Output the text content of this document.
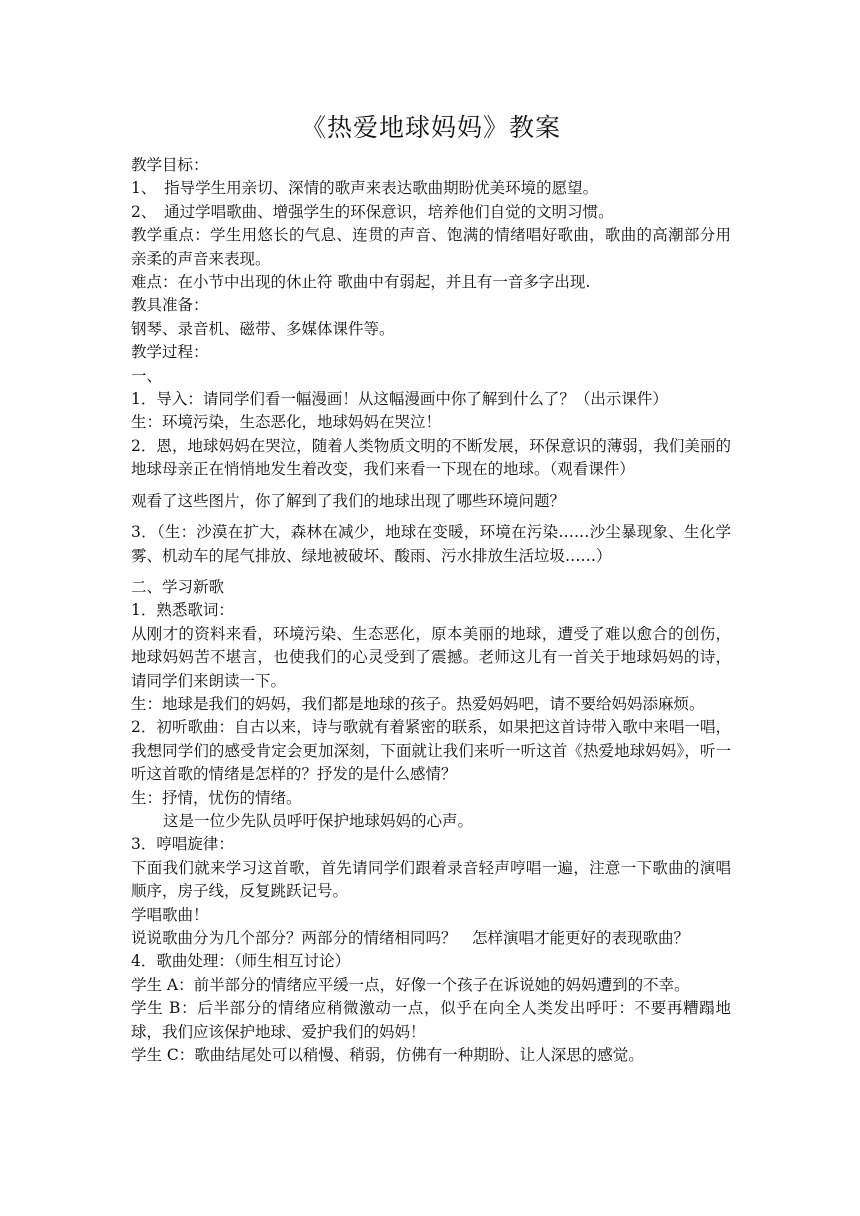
《热爱地球妈妈》教案

教学目标：

1、　指导学生用亲切、深情的歌声来表达歌曲期盼优美环境的愿望。

2、　通过学唱歌曲、增强学生的环保意识，培养他们自觉的文明习惯。

教学重点：学生用悠长的气息、连贯的声音、饱满的情绪唱好歌曲，歌曲的高潮部分用亲柔的声音来表现。

难点：在小节中出现的休止符 歌曲中有弱起，并且有一音多字出现.

教具准备：

钢琴、录音机、磁带、多媒体课件等。

教学过程：

一、

1．导入：请同学们看一幅漫画！从这幅漫画中你了解到什么了？（出示课件）

生：环境污染，生态恶化，地球妈妈在哭泣！

2．恩，地球妈妈在哭泣，随着人类物质文明的不断发展，环保意识的薄弱，我们美丽的地球母亲正在悄悄地发生着改变，我们来看一下现在的地球。（观看课件）

观看了这些图片，你了解到了我们的地球出现了哪些环境问题？

3．（生：沙漠在扩大，森林在减少，地球在变暖，环境在污染……沙尘暴现象、生化学雾、机动车的尾气排放、绿地被破坏、酸雨、污水排放生活垃圾……）

二、学习新歌

1．熟悉歌词：

从刚才的资料来看，环境污染、生态恶化，原本美丽的地球，遭受了难以愈合的创伤，地球妈妈苦不堪言，也使我们的心灵受到了震撼。老师这儿有一首关于地球妈妈的诗，请同学们来朗读一下。

生：地球是我们的妈妈，我们都是地球的孩子。热爱妈妈吧，请不要给妈妈添麻烦。

2．初听歌曲：自古以来，诗与歌就有着紧密的联系，如果把这首诗带入歌中来唱一唱，我想同学们的感受肯定会更加深刻，下面就让我们来听一听这首《热爱地球妈妈》，听一听这首歌的情绪是怎样的？抒发的是什么感情？

生：抒情，忧伤的情绪。

这是一位少先队员呼吁保护地球妈妈的心声。

3．哼唱旋律：

下面我们就来学习这首歌，首先请同学们跟着录音轻声哼唱一遍，注意一下歌曲的演唱顺序，房子线，反复跳跃记号。

学唱歌曲！

说说歌曲分为几个部分？两部分的情绪相同吗？　怎样演唱才能更好的表现歌曲？

4．歌曲处理：（师生相互讨论）

学生 A：前半部分的情绪应平缓一点，好像一个孩子在诉说她的妈妈遭到的不幸。

学生 B：后半部分的情绪应稍微激动一点，似乎在向全人类发出呼吁：不要再糟蹋地球，我们应该保护地球、爱护我们的妈妈！

学生 C：歌曲结尾处可以稍慢、稍弱，仿佛有一种期盼、让人深思的感觉。
